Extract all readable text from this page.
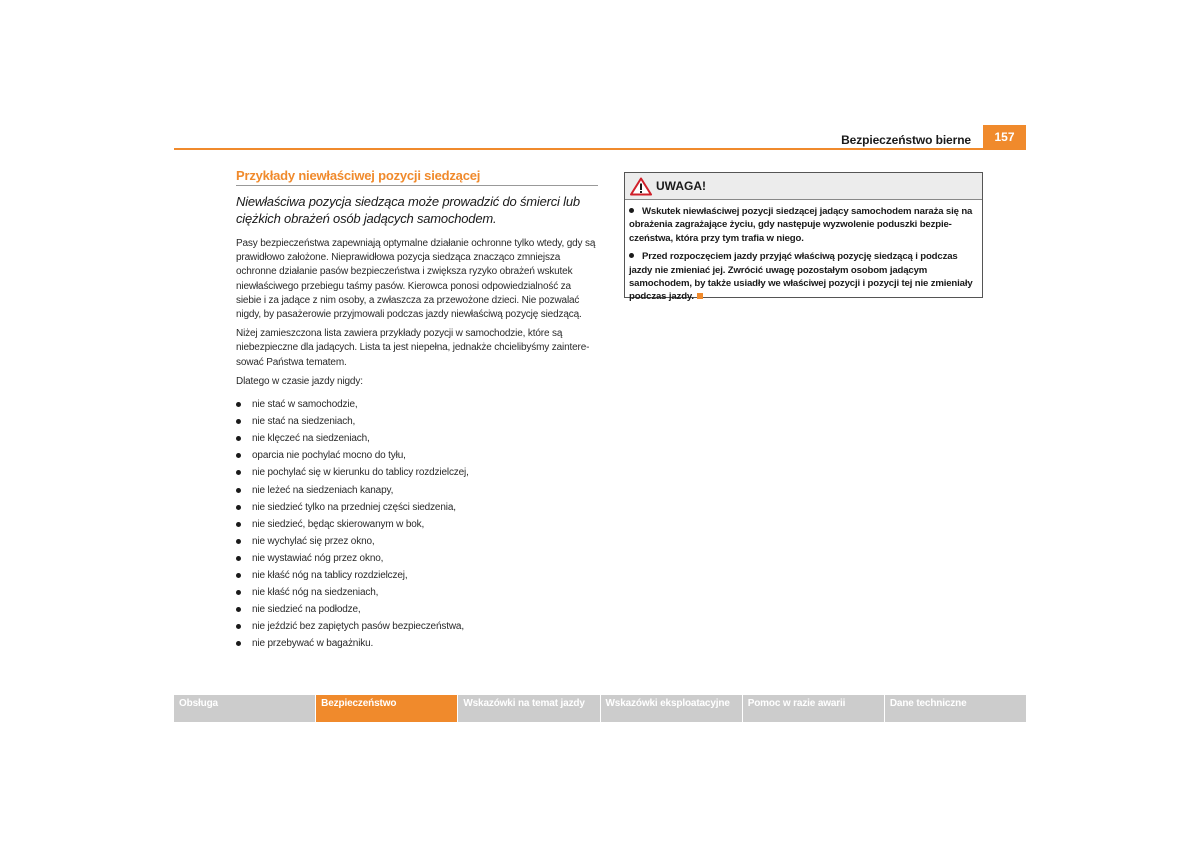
Bezpieczeństwo bierne	157
Przykłady niewłaściwej pozycji siedzącej
Niewłaściwa pozycja siedząca może prowadzić do śmierci lub ciężkich obrażeń osób jadących samochodem.
Pasy bezpieczeństwa zapewniają optymalne działanie ochronne tylko wtedy, gdy są prawidłowo założone. Nieprawidłowa pozycja siedząca znacząco zmniejsza ochronne działanie pasów bezpieczeństwa i zwiększa ryzyko obrażeń wskutek niewłaściwego przebiegu taśmy pasów. Kierowca ponosi odpowiedzialność za siebie i za jadące z nim osoby, a zwłaszcza za przewożone dzieci. Nie pozwalać nigdy, by pasażerowie przyjmowali podczas jazdy niewłaściwą pozycję siedzącą.
Niżej zamieszczona lista zawiera przykłady pozycji w samochodzie, które są niebezpieczne dla jadących. Lista ta jest niepełna, jednakże chcielibyśmy zaintere-sować Państwa tematem.
Dlatego w czasie jazdy nigdy:
nie stać w samochodzie,
nie stać na siedzeniach,
nie klęczeć na siedzeniach,
oparcia nie pochylać mocno do tyłu,
nie pochylać się w kierunku do tablicy rozdzielczej,
nie leżeć na siedzeniach kanapy,
nie siedzieć tylko na przedniej części siedzenia,
nie siedzieć, będąc skierowanym w bok,
nie wychylać się przez okno,
nie wystawiać nóg przez okno,
nie kłaść nóg na tablicy rozdzielczej,
nie kłaść nóg na siedzeniach,
nie siedzieć na podłodze,
nie jeździć bez zapiętych pasów bezpieczeństwa,
nie przebywać w bagażniku.
UWAGA!

Wskutek niewłaściwej pozycji siedzącej jadący samochodem naraża się na obrażenia zagrażające życiu, gdy następuje wyzwolenie poduszki bezpie-czeństwa, która przy tym trafia w niego.

Przed rozpoczęciem jazdy przyjąć właściwą pozycję siedzącą i podczas jazdy nie zmieniać jej. Zwrócić uwagę pozostałym osobom jadącym samochodem, by także usiadły we właściwej pozycji i pozycji tej nie zmieniały podczas jazdy.

Obsługa	Bezpieczeństwo	Wskazówki na temat jazdy	Wskazówki eksploatacyjne	Pomoc w razie awarii	Dane techniczne
